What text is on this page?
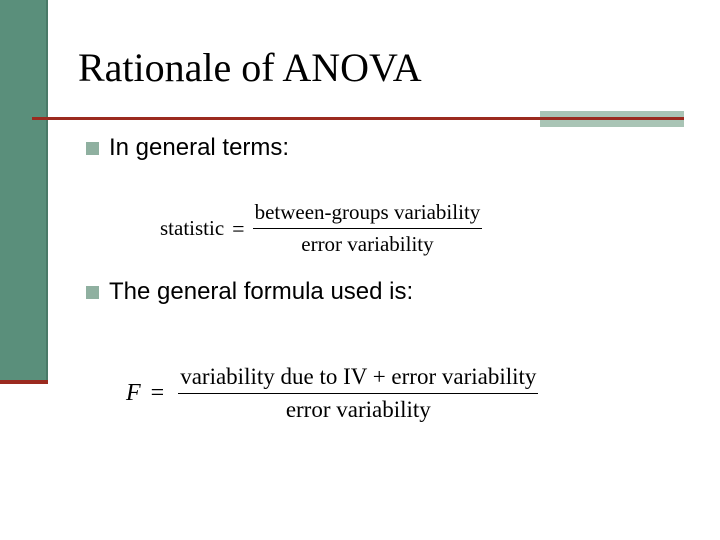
Rationale of ANOVA
In general terms:
statistic = $\frac{\text{between-groups variability}}{\text{error variability}}$
The general formula used is:
$F = \frac{\text{variability due to IV + error variability}}{\text{error variability}}$
